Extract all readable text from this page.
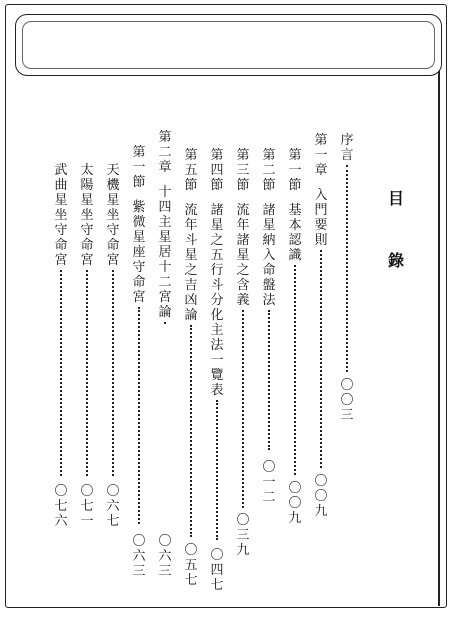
目
錄
序
言
〇
〇
三
第
一
章
入
門
要
則
〇
〇
九
第
一
節
基
本
認
識
〇
〇
九
第
二
節
諸
星
納
入
命
盤
法
〇
一
二
第
三
節
流
年
諸
星
之
含
義
〇
三
九
第
四
節
諸
星
之
五
行
斗
分
化
主
法
一
覽
表
〇
四
七
第
五
節
流
年
斗
星
之
吉
凶
論
〇
五
七
第
二
章
十
四
主
星
居
十
二
宮
論
〇
六
三
第
一
節
紫
微
星
座
守
命
宮
〇
六
三
天
機
星
坐
守
命
宮
〇
六
七
太
陽
星
坐
守
命
宮
〇
七
一
武
曲
星
坐
守
命
宮
〇
七
六
